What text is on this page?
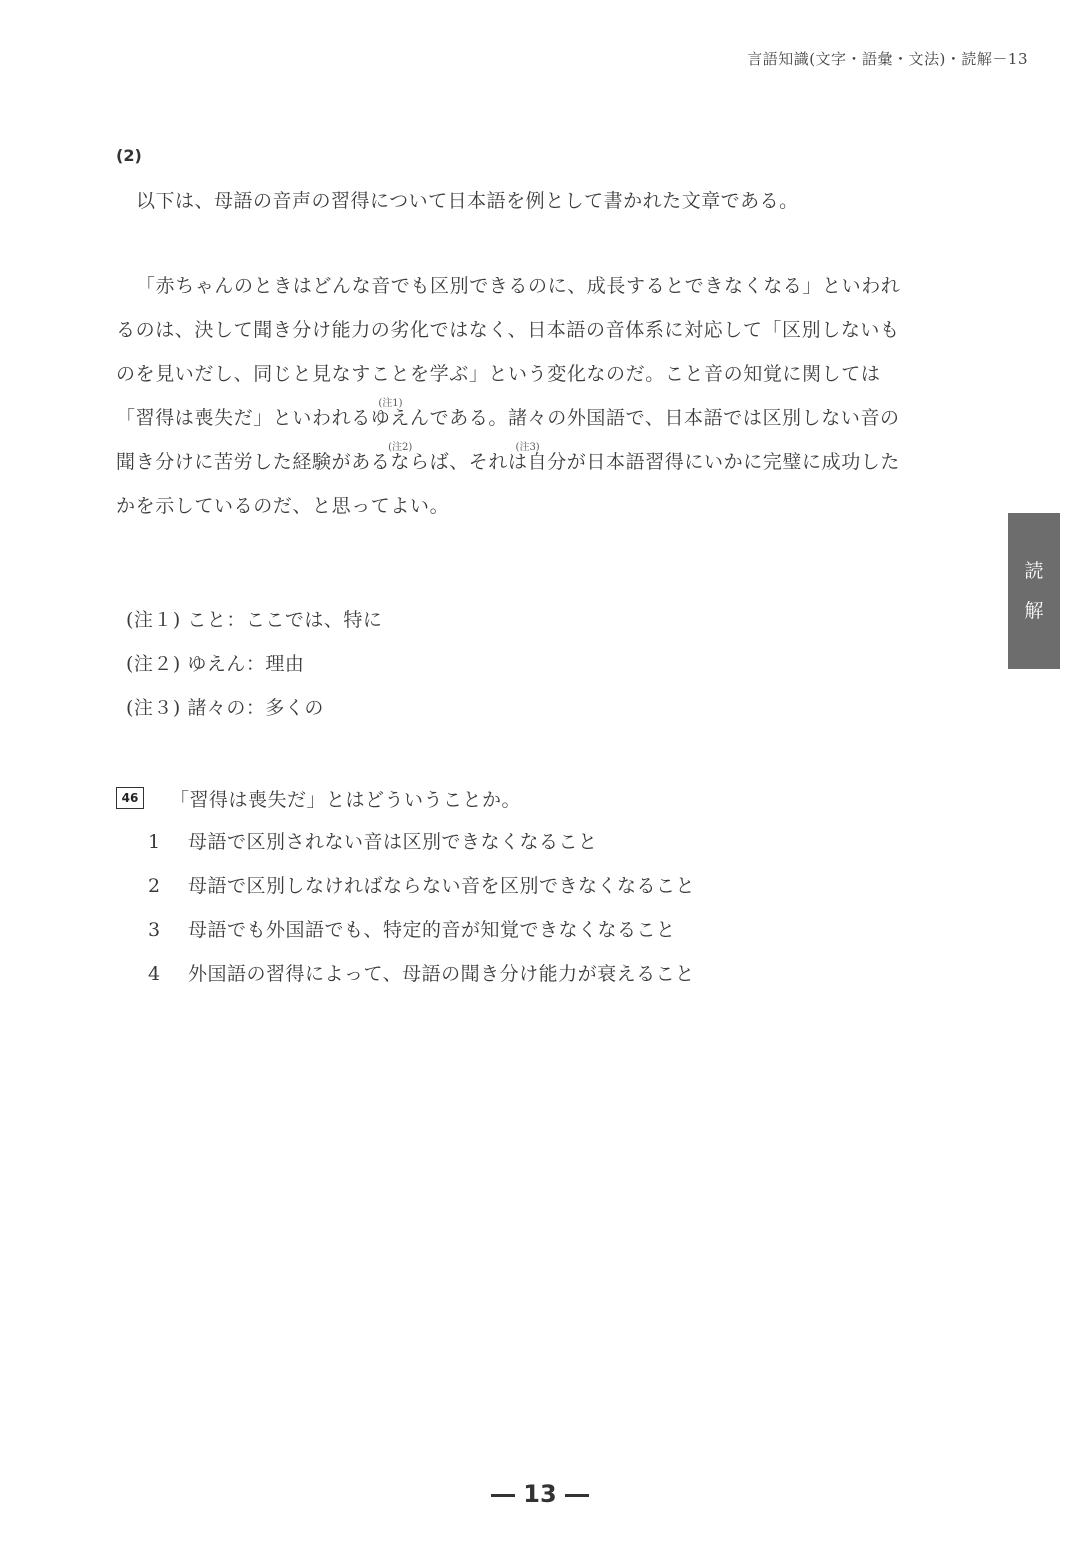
言語知識(文字・語彙・文法)・読解－13
(2)
以下は、母語の音声の習得について日本語を例として書かれた文章である。
「赤ちゃんのときはどんな音でも区別できるのに、成長するとできなくなる」といわれ
るのは、決して聞き分け能力の劣化ではなく、日本語の音体系に対応して「区別しないも
のを見いだし、同じと見なすこと
(注1)
を学ぶ」という変化なのだ。こと音の知覚に関しては
「習得は喪失だ」といわれるゆえん
(注2)
である。諸々
(注3)
の外国語で、日本語では区別しない音の
聞き分けに苦労した経験があるならば、それは自分が日本語習得にいかに完璧に成功した
かを示しているのだ、と思ってよい。
(注１) こと：ここでは、特に
(注２) ゆえん：理由
(注３) 諸々の：多くの
46 「習得は喪失だ」とはどういうことか。
1	母語で区別されない音は区別できなくなること
2	母語で区別しなければならない音を区別できなくなること
3	母語でも外国語でも、特定的音が知覚できなくなること
4	外国語の習得によって、母語の聞き分け能力が衰えること
読
解
― 13 ―
